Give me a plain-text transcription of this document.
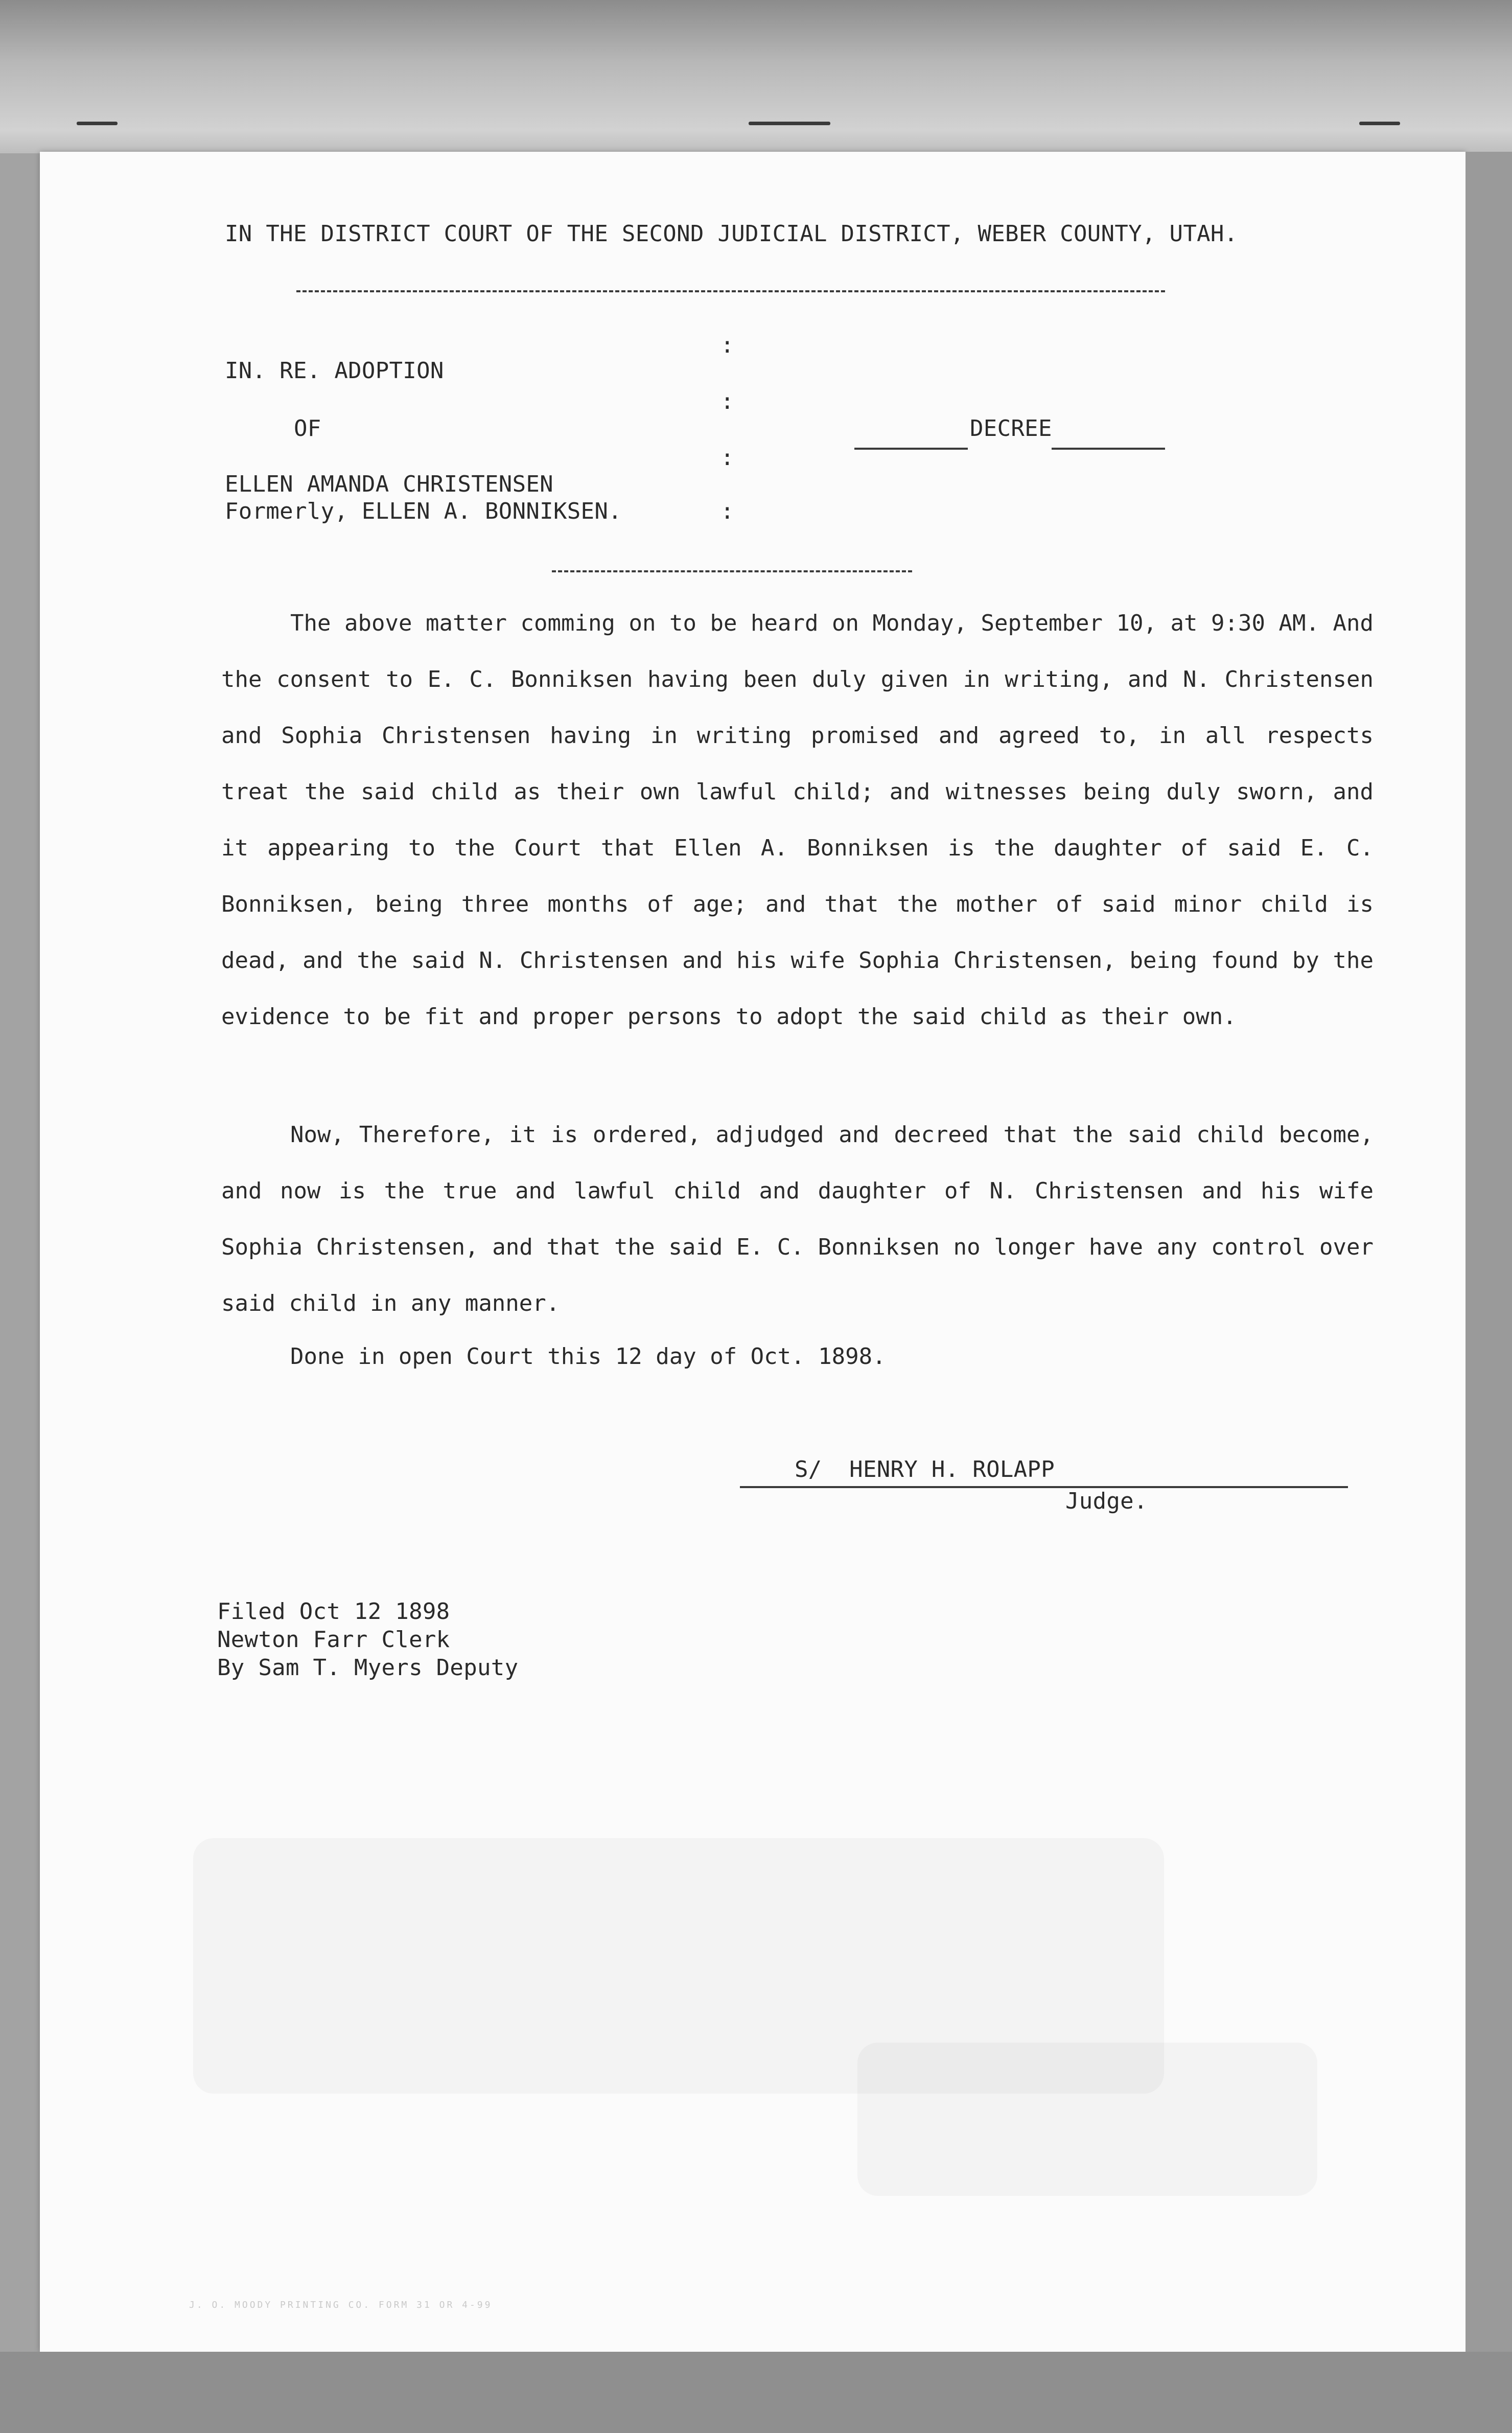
IN THE DISTRICT COURT OF THE SECOND JUDICIAL DISTRICT, WEBER COUNTY, UTAH.
:
:
:
:
IN. RE. ADOPTION
OF
ELLEN AMANDA CHRISTENSEN
Formerly, ELLEN A. BONNIKSEN.
DECREE
The above matter comming on to be heard on Monday, September 10, at 9:30 AM. And the consent to E. C. Bonniksen having been duly given in writing, and N. Christensen and Sophia Christensen having in writing promised and agreed to, in all respects treat the said child as their own lawful child; and witnesses being duly sworn, and it appearing to the Court that Ellen A. Bonniksen is the daughter of said E. C. Bonniksen, being three months of age; and that the mother of said minor child is dead, and the said N. Christensen and his wife Sophia Christensen, being found by the evidence to be fit and proper persons to adopt the said child as their own.
Now, Therefore, it is ordered, adjudged and decreed that the said child become, and now is the true and lawful child and daughter of N. Christensen and his wife Sophia Christensen, and that the said E. C. Bonniksen no longer have any control over said child in any manner.
Done in open Court this 12 day of Oct. 1898.
S/  HENRY H. ROLAPP
Judge.
Filed Oct 12 1898
Newton Farr Clerk
By Sam T. Myers Deputy
J. O. MOODY PRINTING CO. FORM 31 OR 4-99
